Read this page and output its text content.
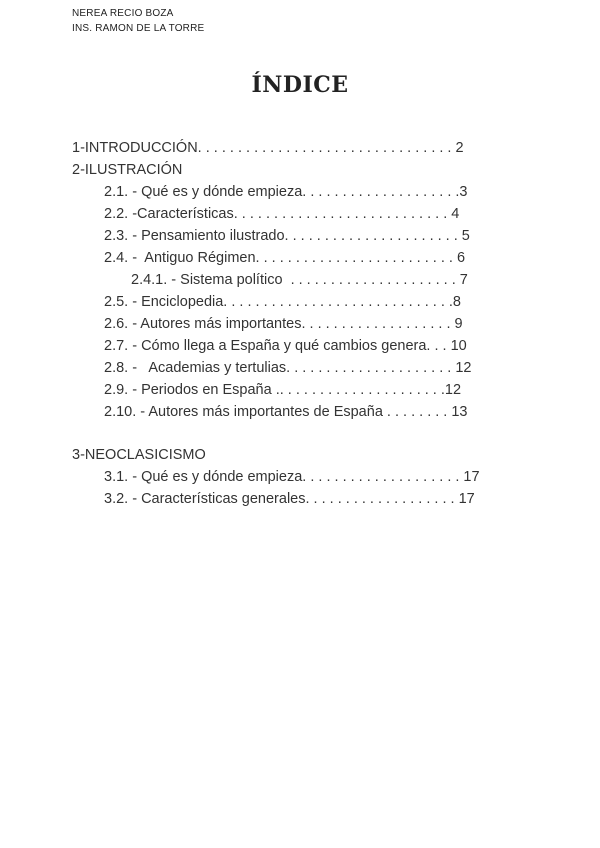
NEREA RECIO BOZA
INS. RAMON DE LA TORRE
ÍNDICE
1-INTRODUCCIÓN. . . . . . . . . . . . . . . . . . . . . . . . . . . . . . . . 2
2-ILUSTRACIÓN
2.1. - Qué es y dónde empieza. . . . . . . . . . . . . . . . . . . .3
2.2. -Características. . . . . . . . . . . . . . . . . . . . . . . . . . . 4
2.3. - Pensamiento ilustrado. . . . . . . . . . . . . . . . . . . . . . 5
2.4. -  Antiguo Régimen. . . . . . . . . . . . . . . . . . . . . . . . . 6
2.4.1. - Sistema político  . . . . . . . . . . . . . . . . . . . . . 7
2.5. - Enciclopedia. . . . . . . . . . . . . . . . . . . . . . . . . . . . .8
2.6. - Autores más importantes. . . . . . . . . . . . . . . . . . . 9
2.7. - Cómo llega a España y qué cambios genera. . . 10
2.8. -   Academias y tertulias. . . . . . . . . . . . . . . . . . . . . 12
2.9. - Periodos en España .. . . . . . . . . . . . . . . . . . . . .12
2.10. - Autores más importantes de España . . . . . . . . 13
3-NEOCLASICISMO
3.1. - Qué es y dónde empieza. . . . . . . . . . . . . . . . . . . . 17
3.2. - Características generales. . . . . . . . . . . . . . . . . . . 17
